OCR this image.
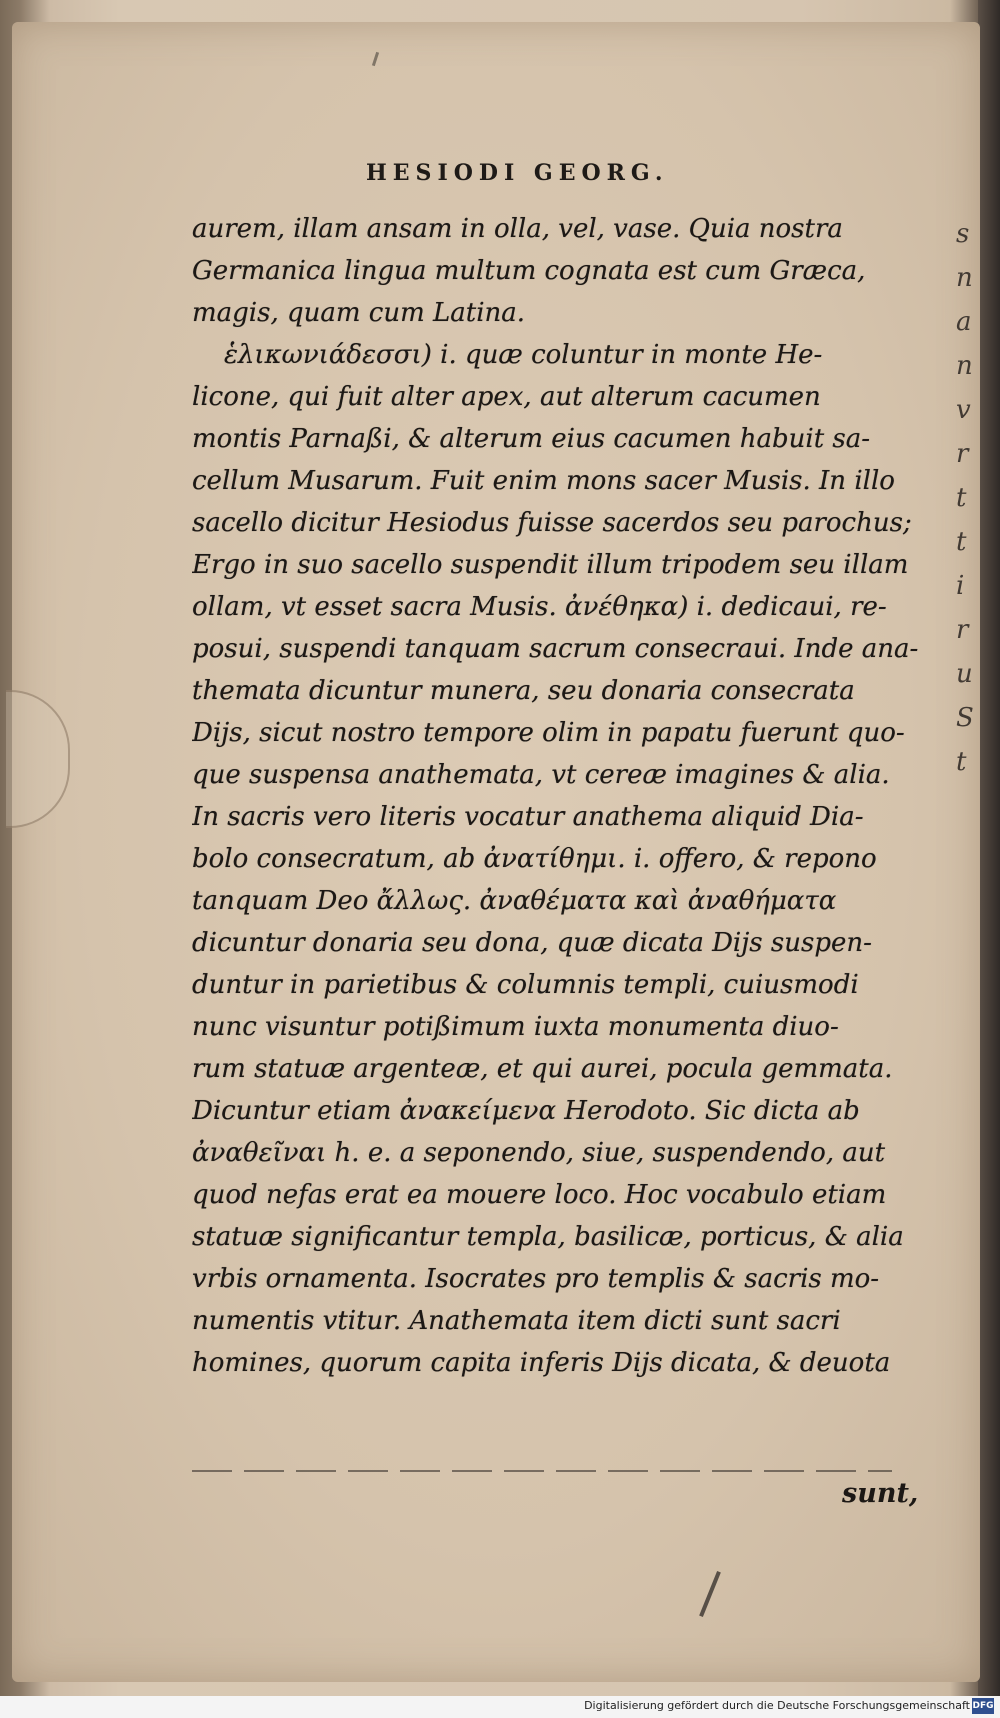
HESIODI GEORG.
aurem, illam ansam in olla, vel, vase. Quia nostra
Germanica lingua multum cognata est cum Græca,
magis, quam cum Latina.
ἑλικωνιάδεσσι) i. quæ coluntur in monte He-
licone, qui fuit alter apex, aut alterum cacumen
montis Parnaßi, & alterum eius cacumen habuit sa-
cellum Musarum. Fuit enim mons sacer Musis. In illo
sacello dicitur Hesiodus fuisse sacerdos seu parochus;
Ergo in suo sacello suspendit illum tripodem seu illam
ollam, vt esset sacra Musis. ἀνέθηκα) i. dedicaui, re-
posui, suspendi tanquam sacrum consecraui. Inde ana-
themata dicuntur munera, seu donaria consecrata
Dijs, sicut nostro tempore olim in papatu fuerunt quo-
que suspensa anathemata, vt cereæ imagines & alia.
In sacris vero literis vocatur anathema aliquid Dia-
bolo consecratum, ab ἀνατίθημι. i. offero, & repono
tanquam Deo ἄλλως. ἀναθέματα καὶ ἀναθήματα
dicuntur donaria seu dona, quæ dicata Dijs suspen-
duntur in parietibus & columnis templi, cuiusmodi
nunc visuntur potißimum iuxta monumenta diuo-
rum statuæ argenteæ, et qui aurei, pocula gemmata.
Dicuntur etiam ἀνακείμενα Herodoto. Sic dicta ab
ἀναθεῖναι h. e. a seponendo, siue, suspendendo, aut
quod nefas erat ea mouere loco. Hoc vocabulo etiam
statuæ significantur templa, basilicæ, porticus, & alia
vrbis ornamenta. Isocrates pro templis & sacris mo-
numentis vtitur. Anathemata item dicti sunt sacri
homines, quorum capita inferis Dijs dicata, & deuota
sunt,
s
n
a
n
v
r
t
t
i
r
u
S
t
Digitalisierung gefördert durch die Deutsche Forschungsgemeinschaft DFG
